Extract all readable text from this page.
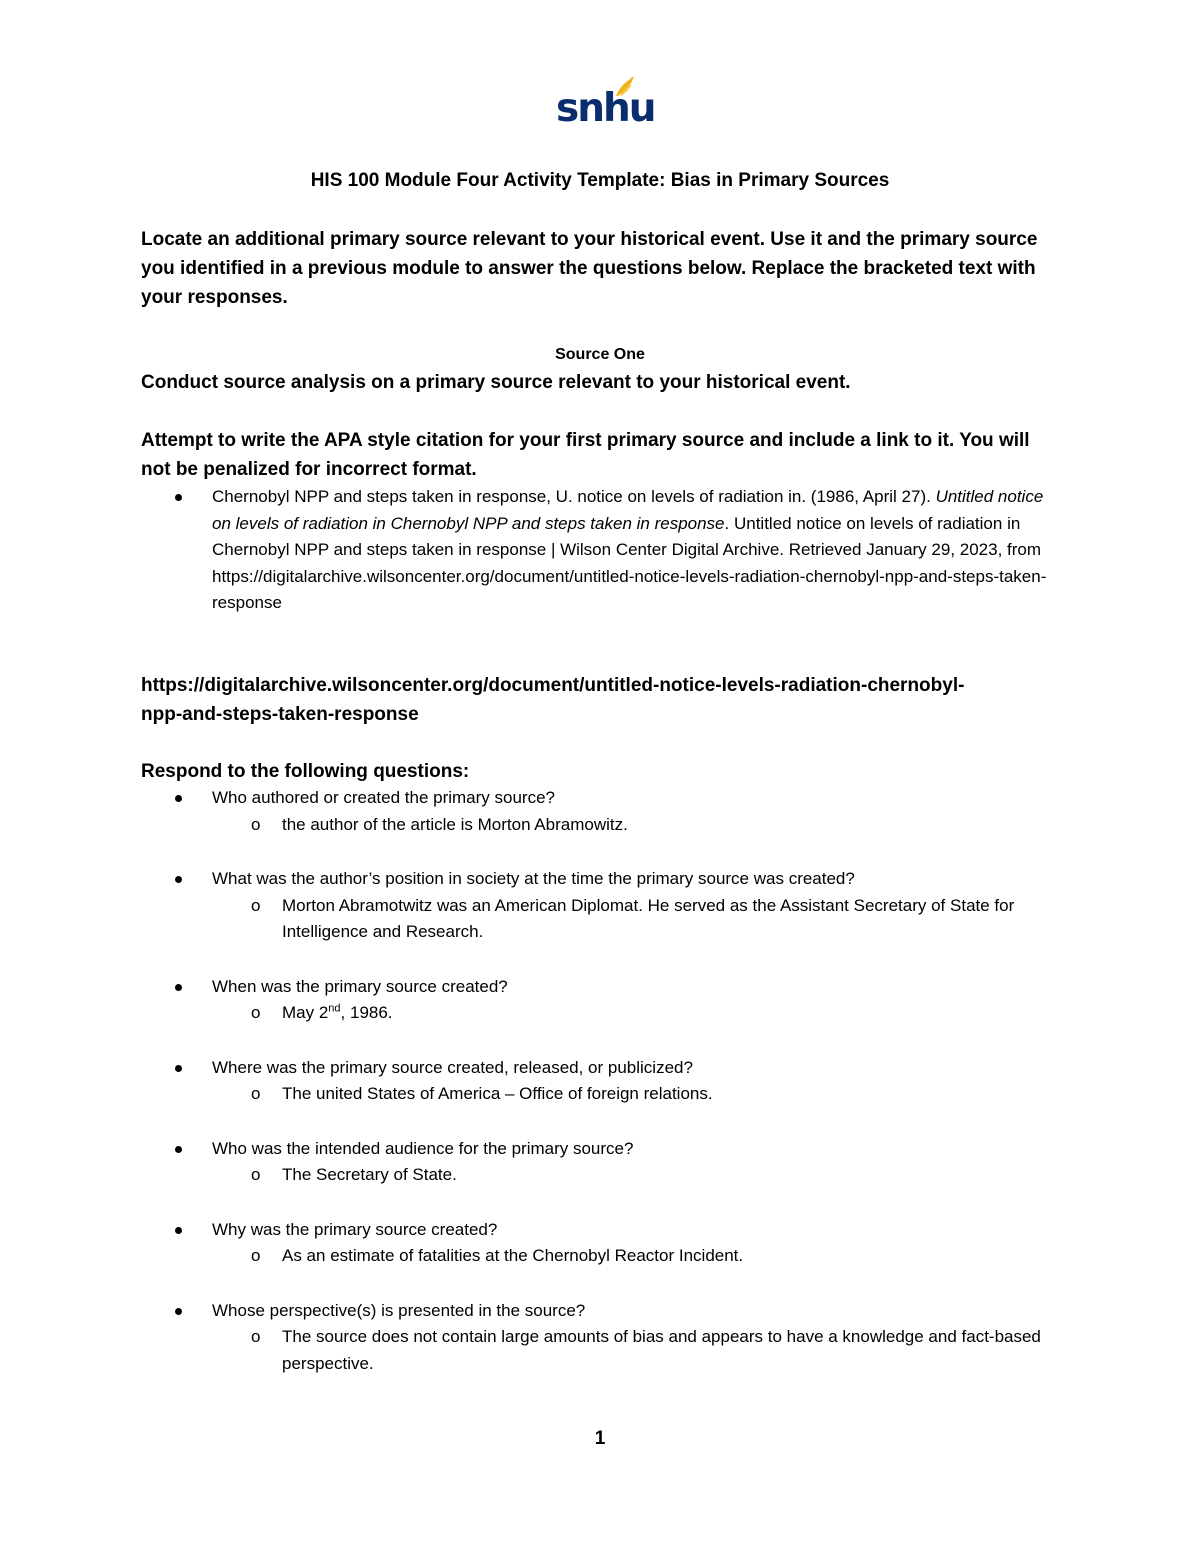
snhu
HIS 100 Module Four Activity Template: Bias in Primary Sources
Locate an additional primary source relevant to your historical event. Use it and the primary source you identified in a previous module to answer the questions below. Replace the bracketed text with your responses.
Source One
Conduct source analysis on a primary source relevant to your historical event.
Attempt to write the APA style citation for your first primary source and include a link to it. You will not be penalized for incorrect format.
Chernobyl NPP and steps taken in response, U. notice on levels of radiation in. (1986, April 27). Untitled notice on levels of radiation in Chernobyl NPP and steps taken in response. Untitled notice on levels of radiation in Chernobyl NPP and steps taken in response | Wilson Center Digital Archive. Retrieved January 29, 2023, from https://digitalarchive.wilsoncenter.org/document/untitled-notice-levels-radiation-chernobyl-npp-and-steps-taken-response
https://digitalarchive.wilsoncenter.org/document/untitled-notice-levels-radiation-chernobyl-
npp-and-steps-taken-response
Respond to the following questions:
Who authored or created the primary source?
o the author of the article is Morton Abramowitz.
What was the author’s position in society at the time the primary source was created?
o Morton Abramotwitz was an American Diplomat. He served as the Assistant Secretary of State for Intelligence and Research.
When was the primary source created?
o May 2nd, 1986.
Where was the primary source created, released, or publicized?
o The united States of America – Office of foreign relations.
Who was the intended audience for the primary source?
o The Secretary of State.
Why was the primary source created?
o As an estimate of fatalities at the Chernobyl Reactor Incident.
Whose perspective(s) is presented in the source?
o The source does not contain large amounts of bias and appears to have a knowledge and fact-based perspective.
1
